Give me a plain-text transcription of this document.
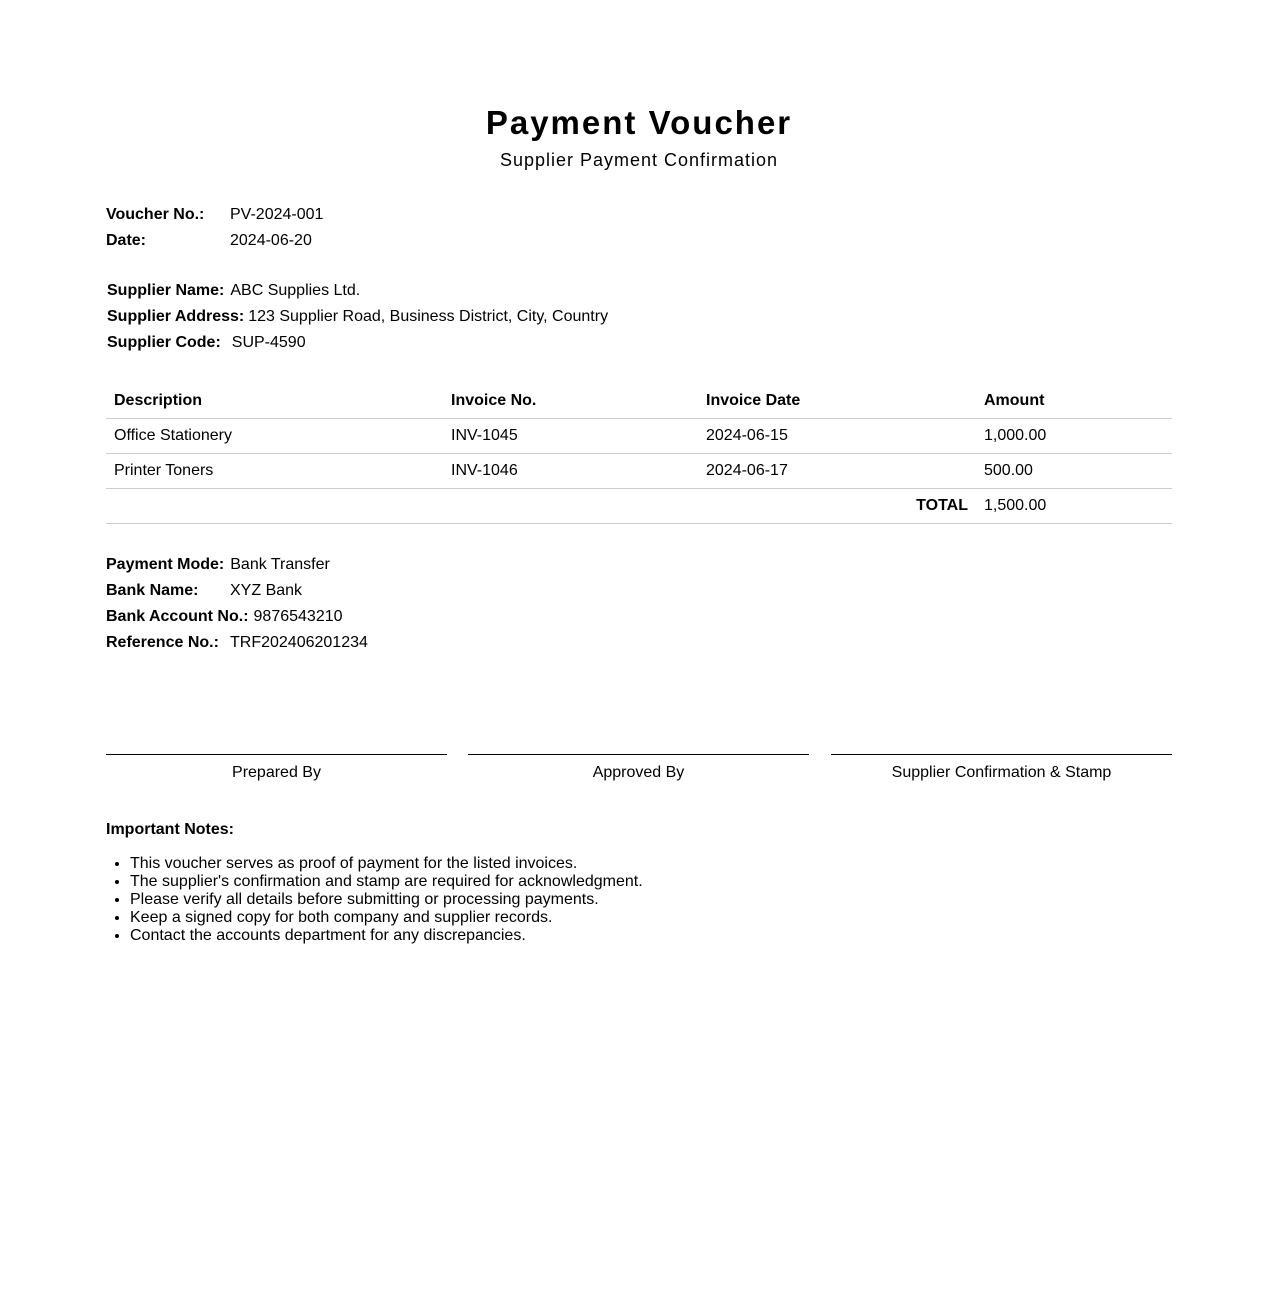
Payment Voucher
Supplier Payment Confirmation
Voucher No.: PV-2024-001
Date:	2024-06-20
Supplier Name: ABC Supplies Ltd.
Supplier Address: 123 Supplier Road, Business District, City, Country
Supplier Code: SUP-4590
Description	Invoice No.	Invoice Date	Amount
Office Stationery	INV-1045	2024-06-15	1,000.00
Printer Toners	INV-1046	2024-06-17	500.00
TOTAL			1,500.00
Payment Mode: Bank Transfer
Bank Name: XYZ Bank
Bank Account No.: 9876543210
Reference No.: TRF202406201234
Prepared By	Approved By	Supplier Confirmation & Stamp
Important Notes:
• This voucher serves as proof of payment for the listed invoices.
• The supplier's confirmation and stamp are required for acknowledgment.
• Please verify all details before submitting or processing payments.
• Keep a signed copy for both company and supplier records.
• Contact the accounts department for any discrepancies.
